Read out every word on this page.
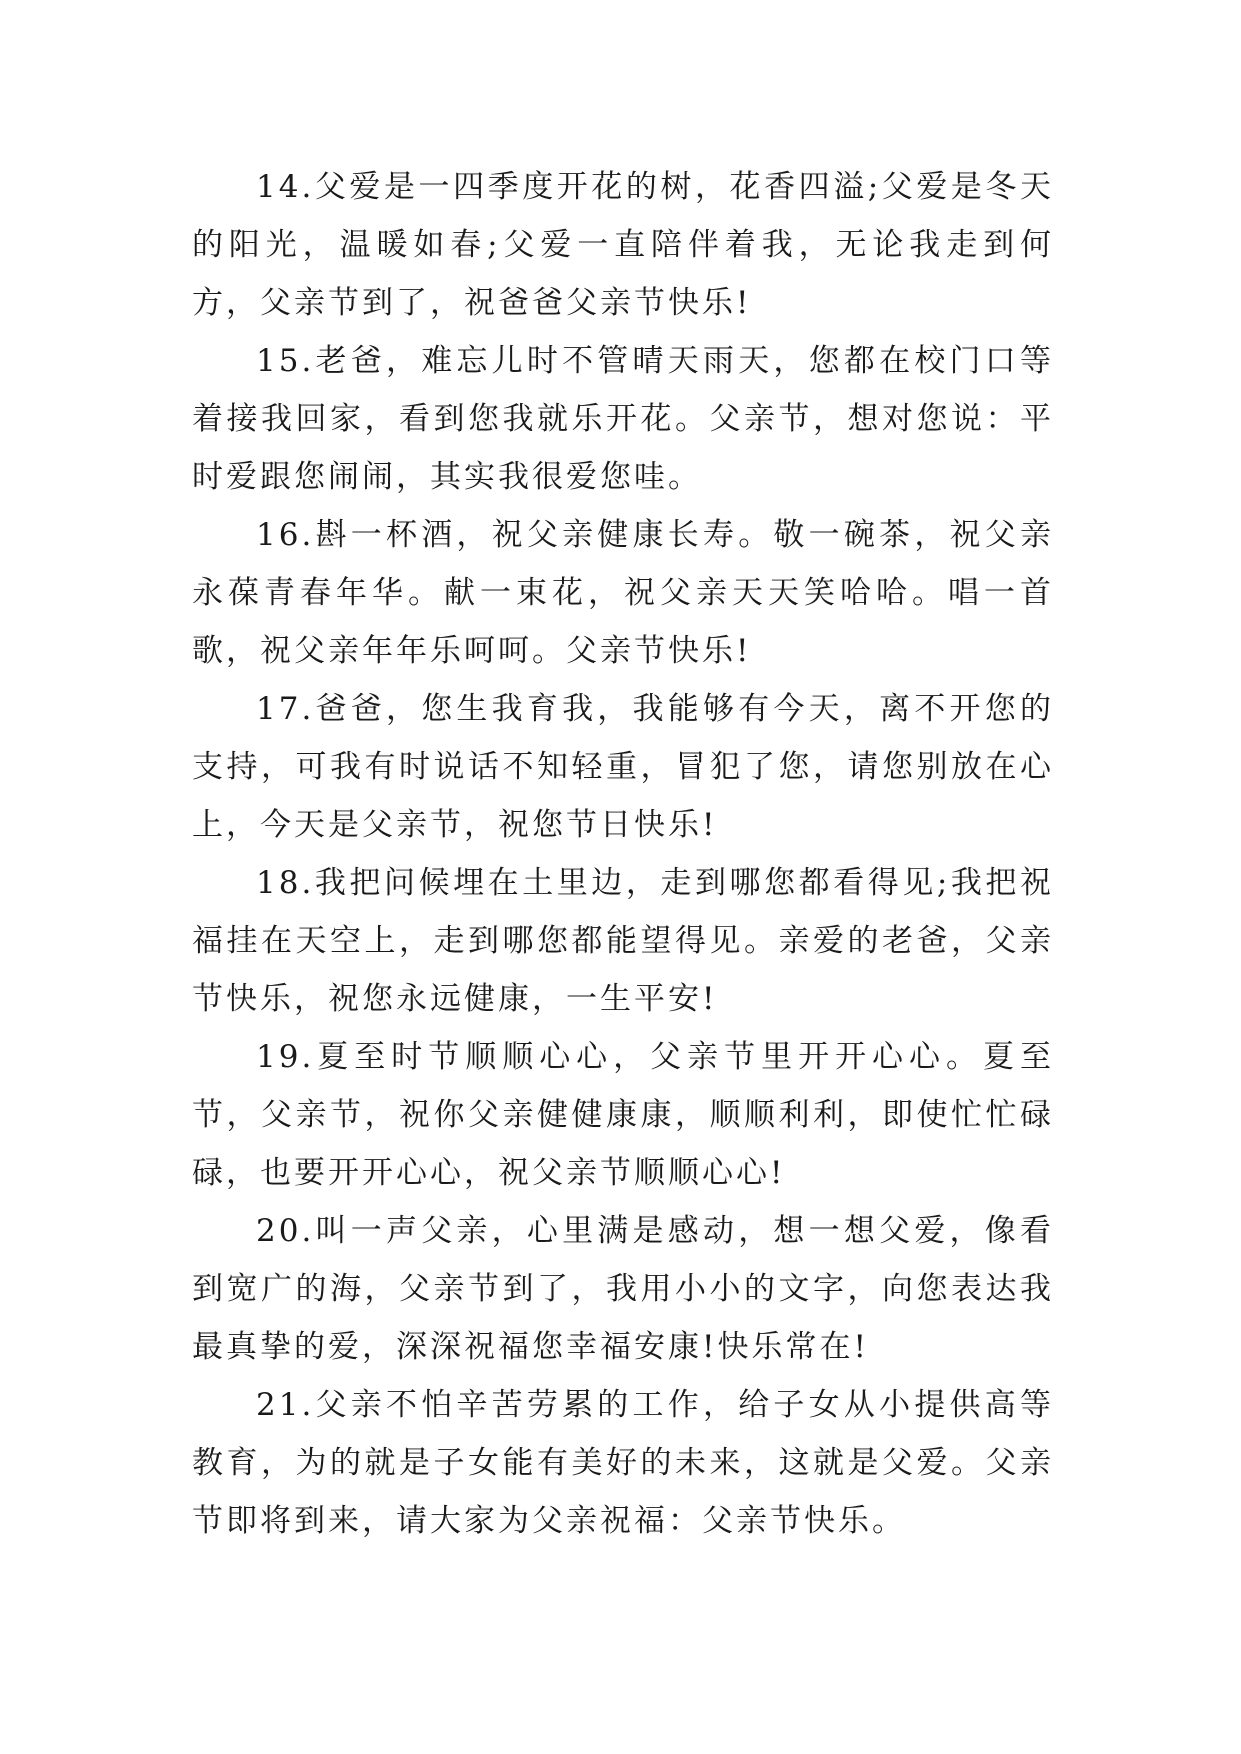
14.父爱是一四季度开花的树，花香四溢;父爱是冬天的阳光，温暖如春;父爱一直陪伴着我，无论我走到何方，父亲节到了，祝爸爸父亲节快乐!

15.老爸，难忘儿时不管晴天雨天，您都在校门口等着接我回家，看到您我就乐开花。父亲节，想对您说：平时爱跟您闹闹，其实我很爱您哇。

16.斟一杯酒，祝父亲健康长寿。敬一碗茶，祝父亲永葆青春年华。献一束花，祝父亲天天笑哈哈。唱一首歌，祝父亲年年乐呵呵。父亲节快乐!

17.爸爸，您生我育我，我能够有今天，离不开您的支持，可我有时说话不知轻重，冒犯了您，请您别放在心上，今天是父亲节，祝您节日快乐!

18.我把问候埋在土里边，走到哪您都看得见;我把祝福挂在天空上，走到哪您都能望得见。亲爱的老爸，父亲节快乐，祝您永远健康，一生平安!

19.夏至时节顺顺心心，父亲节里开开心心。夏至节，父亲节，祝你父亲健健康康，顺顺利利，即使忙忙碌碌，也要开开心心，祝父亲节顺顺心心!

20.叫一声父亲，心里满是感动，想一想父爱，像看到宽广的海，父亲节到了，我用小小的文字，向您表达我最真挚的爱，深深祝福您幸福安康!快乐常在!

21.父亲不怕辛苦劳累的工作，给子女从小提供高等教育，为的就是子女能有美好的未来，这就是父爱。父亲节即将到来，请大家为父亲祝福：父亲节快乐。
